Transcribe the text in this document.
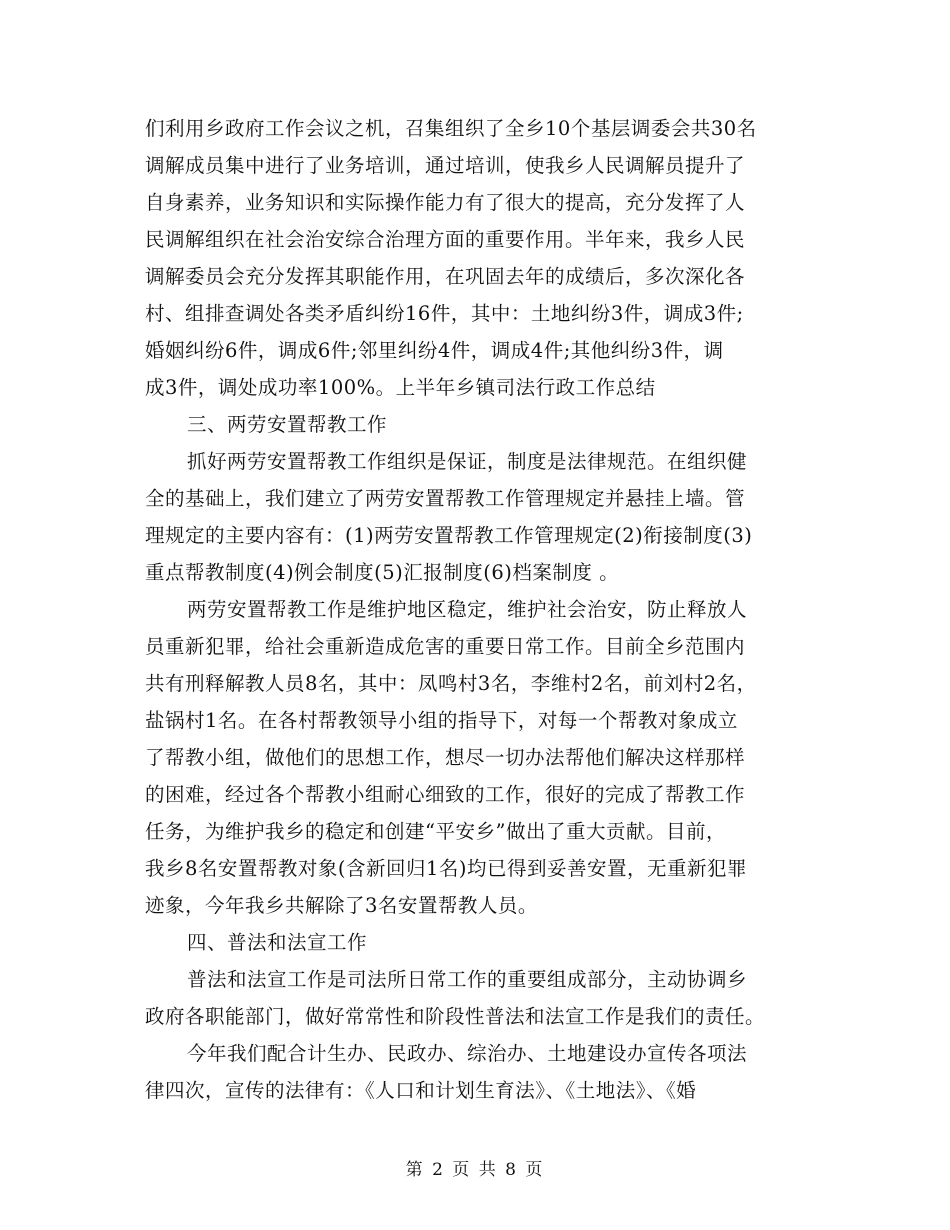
们利用乡政府工作会议之机，召集组织了全乡10个基层调委会共30名
调解成员集中进行了业务培训，通过培训，使我乡人民调解员提升了
自身素养，业务知识和实际操作能力有了很大的提高，充分发挥了人
民调解组织在社会治安综合治理方面的重要作用。半年来，我乡人民
调解委员会充分发挥其职能作用，在巩固去年的成绩后，多次深化各
村、组排查调处各类矛盾纠纷16件，其中：土地纠纷3件，调成3件;
婚姻纠纷6件，调成6件;邻里纠纷4件，调成4件;其他纠纷3件，调
成3件，调处成功率100%。上半年乡镇司法行政工作总结
三、两劳安置帮教工作
抓好两劳安置帮教工作组织是保证，制度是法律规范。在组织健
全的基础上，我们建立了两劳安置帮教工作管理规定并悬挂上墙。管
理规定的主要内容有：(1)两劳安置帮教工作管理规定(2)衔接制度(3)
重点帮教制度(4)例会制度(5)汇报制度(6)档案制度 。
两劳安置帮教工作是维护地区稳定，维护社会治安，防止释放人
员重新犯罪，给社会重新造成危害的重要日常工作。目前全乡范围内
共有刑释解教人员8名，其中：凤鸣村3名，李维村2名，前刘村2名，
盐锅村1名。在各村帮教领导小组的指导下，对每一个帮教对象成立
了帮教小组，做他们的思想工作，想尽一切办法帮他们解决这样那样
的困难，经过各个帮教小组耐心细致的工作，很好的完成了帮教工作
任务，为维护我乡的稳定和创建“平安乡”做出了重大贡献。目前，
我乡8名安置帮教对象(含新回归1名)均已得到妥善安置，无重新犯罪
迹象，今年我乡共解除了3名安置帮教人员。
四、普法和法宣工作
普法和法宣工作是司法所日常工作的重要组成部分，主动协调乡
政府各职能部门，做好常常性和阶段性普法和法宣工作是我们的责任。
今年我们配合计生办、民政办、综治办、土地建设办宣传各项法
律四次，宣传的法律有：《人口和计划生育法》、《土地法》、《婚
第 2 页 共 8 页
